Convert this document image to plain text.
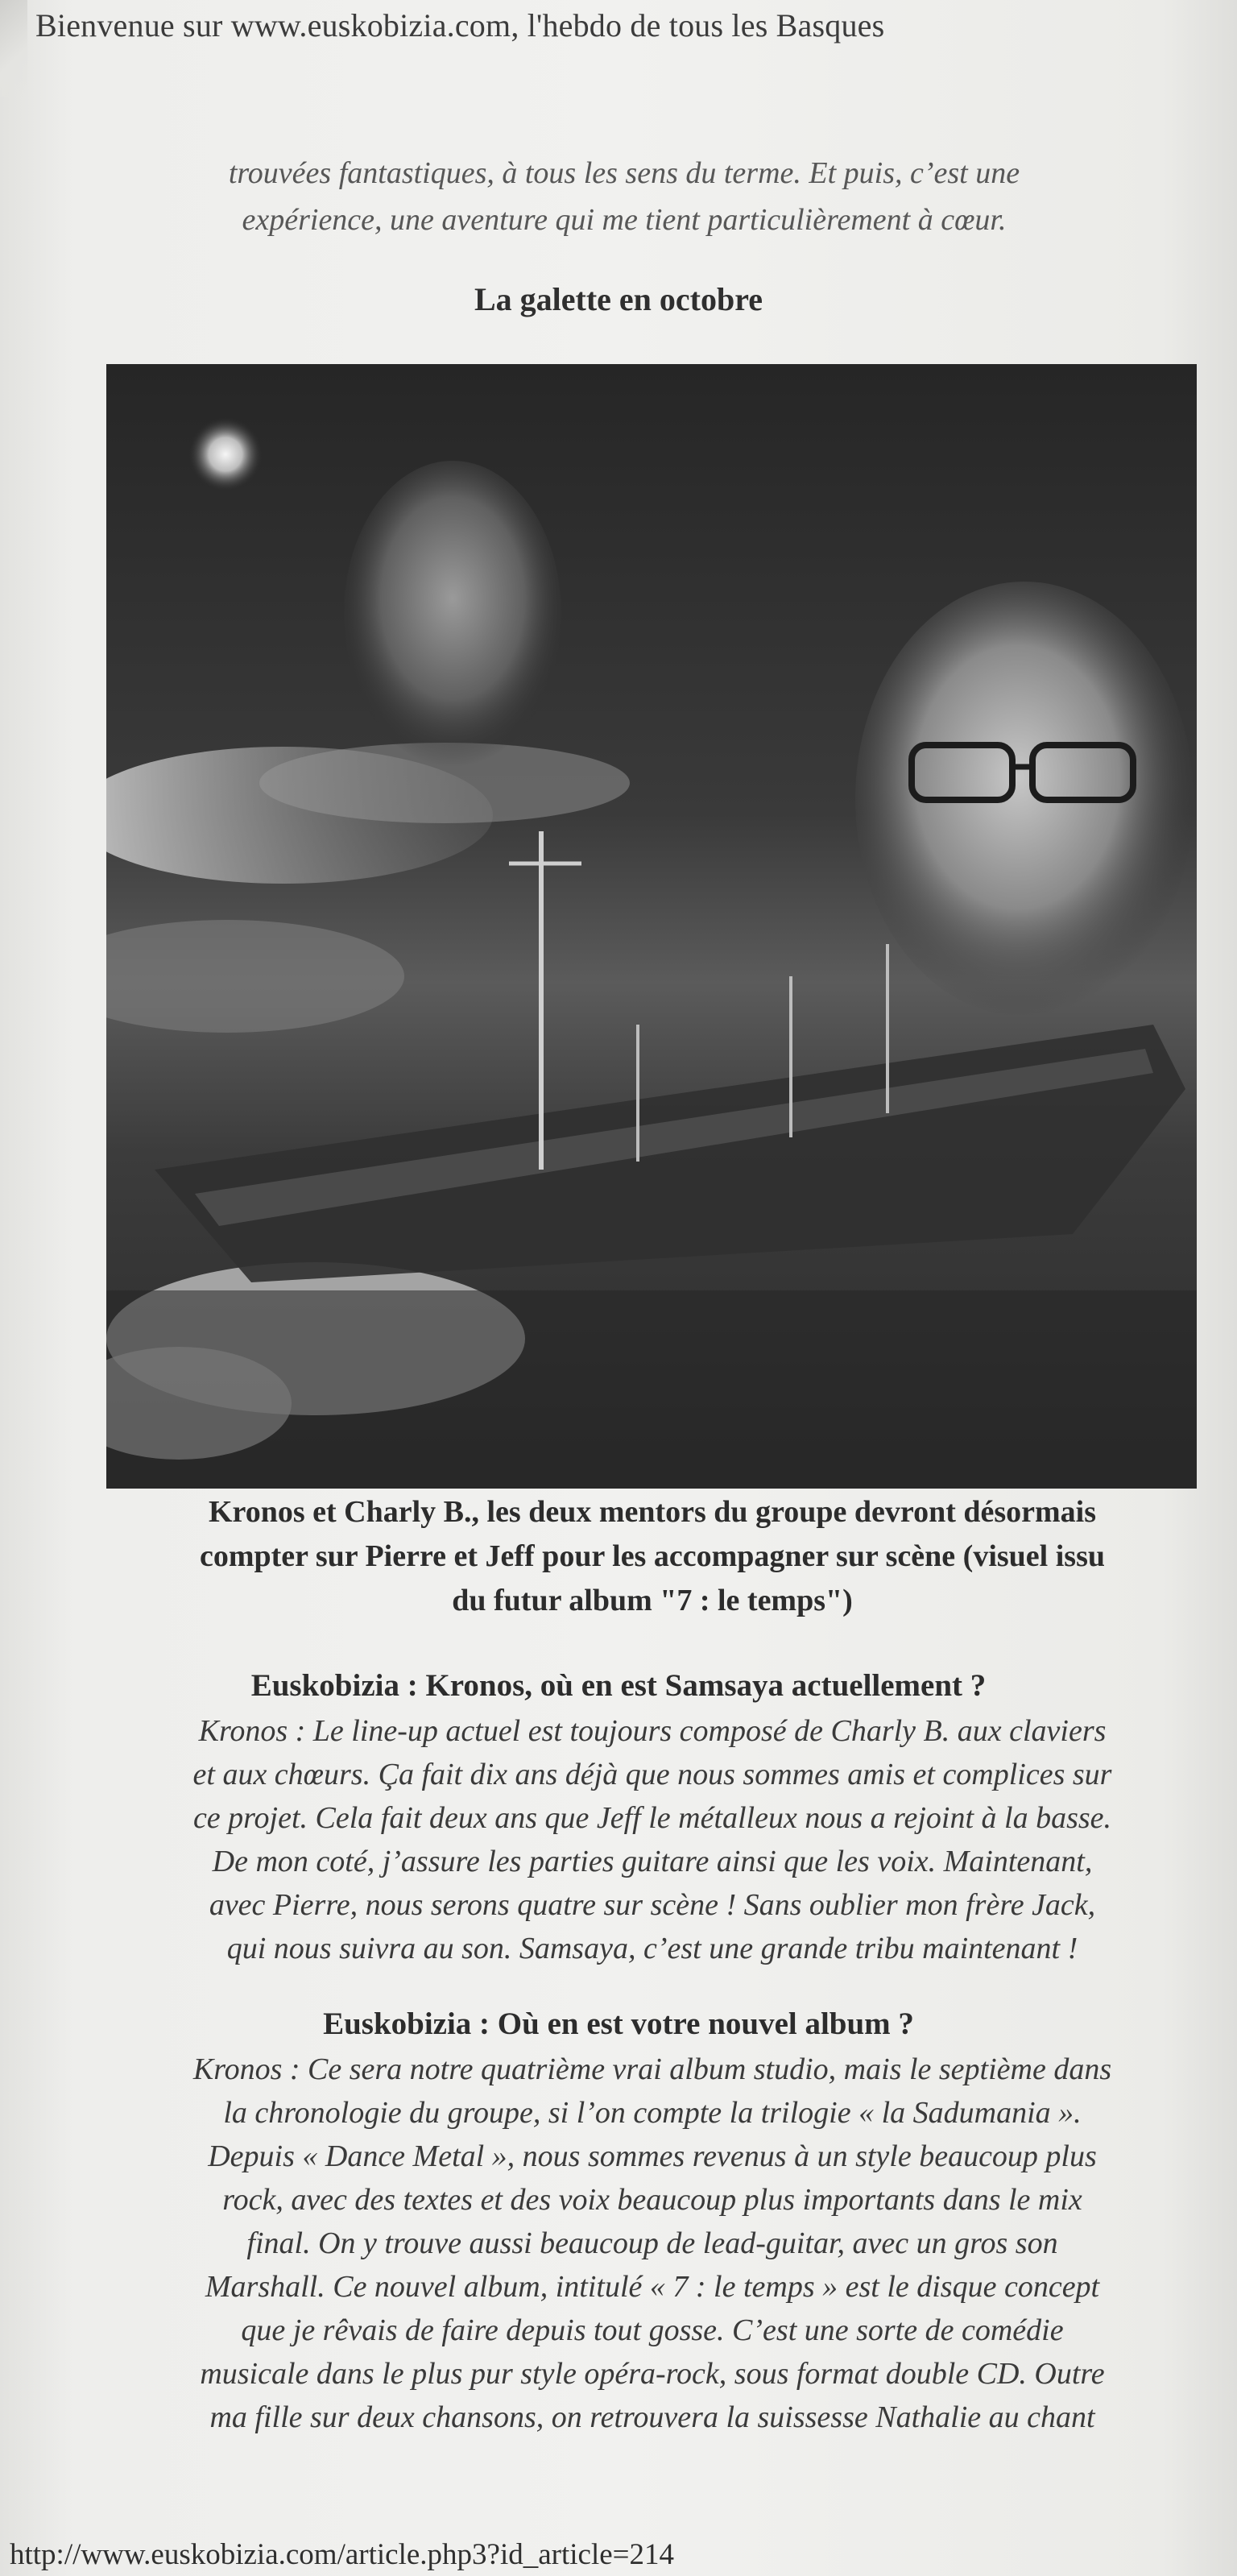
Bienvenue sur www.euskobizia.com, l'hebdo de tous les Basques
trouvées fantastiques, à tous les sens du terme. Et puis, c’est une
expérience, une aventure qui me tient particulièrement à cœur.
La galette en octobre
Kronos et Charly B., les deux mentors du groupe devront désormais
compter sur Pierre et Jeff pour les accompagner sur scène (visuel issu
du futur album "7 : le temps")
Euskobizia : Kronos, où en est Samsaya actuellement ?
Kronos : Le line-up actuel est toujours composé de Charly B. aux claviers
et aux chœurs. Ça fait dix ans déjà que nous sommes amis et complices sur
ce projet. Cela fait deux ans que Jeff le métalleux nous a rejoint à la basse.
De mon coté, j’assure les parties guitare ainsi que les voix. Maintenant,
avec Pierre, nous serons quatre sur scène ! Sans oublier mon frère Jack,
qui nous suivra au son. Samsaya, c’est une grande tribu maintenant !
Euskobizia : Où en est votre nouvel album ?
Kronos : Ce sera notre quatrième vrai album studio, mais le septième dans
la chronologie du groupe, si l’on compte la trilogie « la Sadumania ».
Depuis « Dance Metal », nous sommes revenus à un style beaucoup plus
rock, avec des textes et des voix beaucoup plus importants dans le mix
final. On y trouve aussi beaucoup de lead-guitar, avec un gros son
Marshall. Ce nouvel album, intitulé « 7 : le temps » est le disque concept
que je rêvais de faire depuis tout gosse. C’est une sorte de comédie
musicale dans le plus pur style opéra-rock, sous format double CD. Outre
ma fille sur deux chansons, on retrouvera la suissesse Nathalie au chant
http://www.euskobizia.com/article.php3?id_article=214
